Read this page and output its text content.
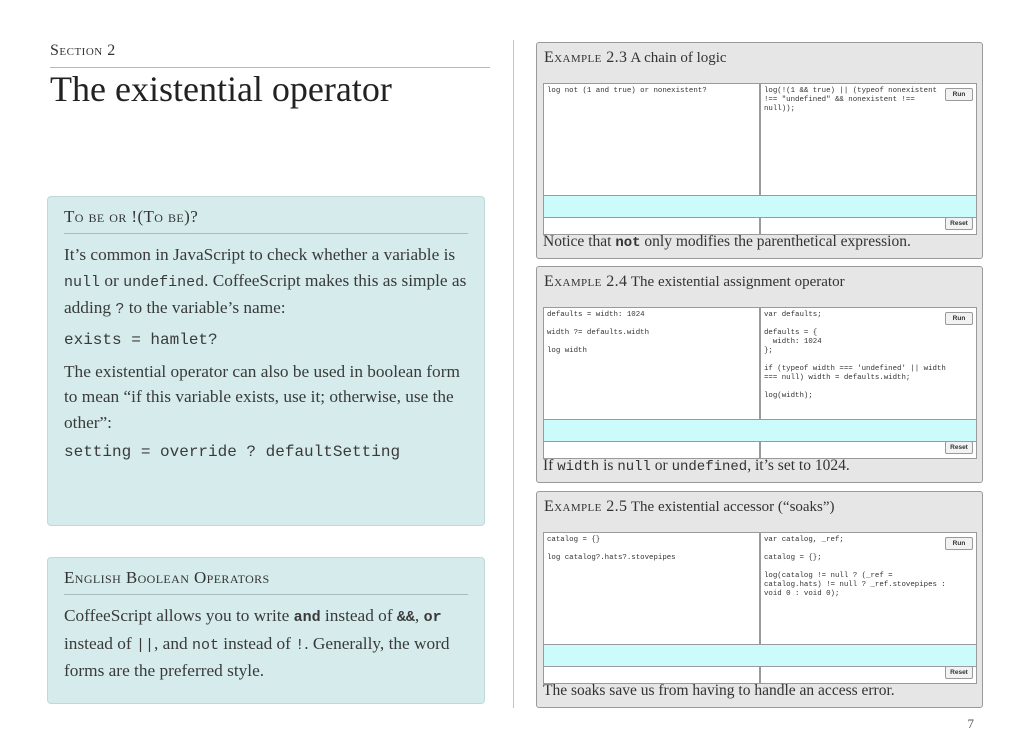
Section 2
The existential operator
To be or !(To be)?

It’s common in JavaScript to check whether a variable is null or undefined. CoffeeScript makes this as simple as adding ? to the variable’s name:

exists = hamlet?

The existential operator can also be used in boolean form to mean “if this variable exists, use it; otherwise, use the other”:

setting = override ? defaultSetting
English Boolean Operators

CoffeeScript allows you to write and instead of &&, or instead of ||, and not instead of !. Generally, the word forms are the preferred style.

Example 2.3 A chain of logic
log not (1 and true) or nonexistent?	log(!(1 && true) || (typeof nonexistent !== "undefined" && nonexistent !== null));
Run
Reset
Notice that not only modifies the parenthetical expression.
Example 2.4 The existential assignment operator
defaults = width: 1024

width ?= defaults.width

log width
var defaults;

defaults = {
width: 1024
};

if (typeof width === 'undefined' || width === null) width = defaults.width;

log(width);
Run
Reset
If width is null or undefined, it’s set to 1024.
Example 2.5 The existential accessor (“soaks”)
catalog = {}

log catalog?.hats?.stovepipes
var catalog, _ref;

catalog = {};

log(catalog != null ? (_ref = catalog.hats) != null ? _ref.stovepipes : void 0 : void 0);
Run
Reset
The soaks save us from having to handle an access error.
7
